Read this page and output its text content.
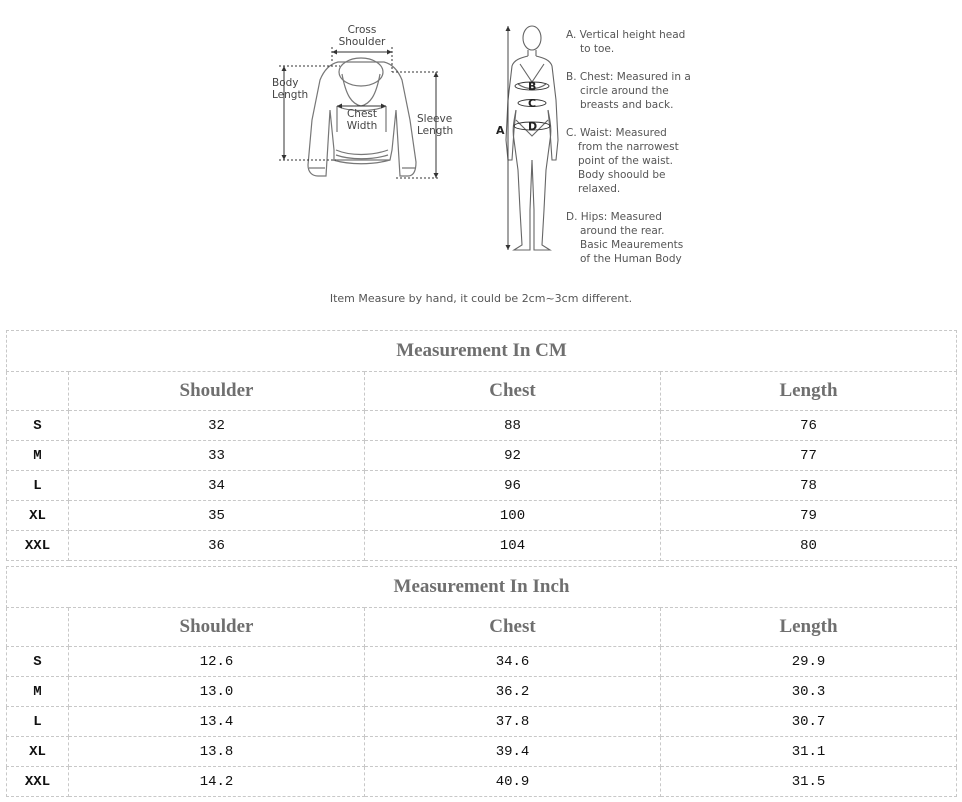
Cross
Shoulder
Body
Length
Chest
Width
Sleeve
Length	A
B
C
D
A. Vertical height head
to toe.
B. Chest: Measured in a
circle around the
breasts and back.
C. Waist: Measured
from the narrowest
point of the waist.
Body shoould be
relaxed.
D. Hips: Measured
around the rear.
Basic Meaurements
of the Human Body
Item Measure by hand, it could be 2cm~3cm different.
Measurement In CM			
	Shoulder	Chest	Length
S	32	88	76
M	33	92	77
L	34	96	78
XL	35	100	79
XXL	36	104	80
Measurement In Inch			
	Shoulder	Chest	Length
S	12.6	34.6	29.9
M	13.0	36.2	30.3
L	13.4	37.8	30.7
XL	13.8	39.4	31.1
XXL	14.2	40.9	31.5
